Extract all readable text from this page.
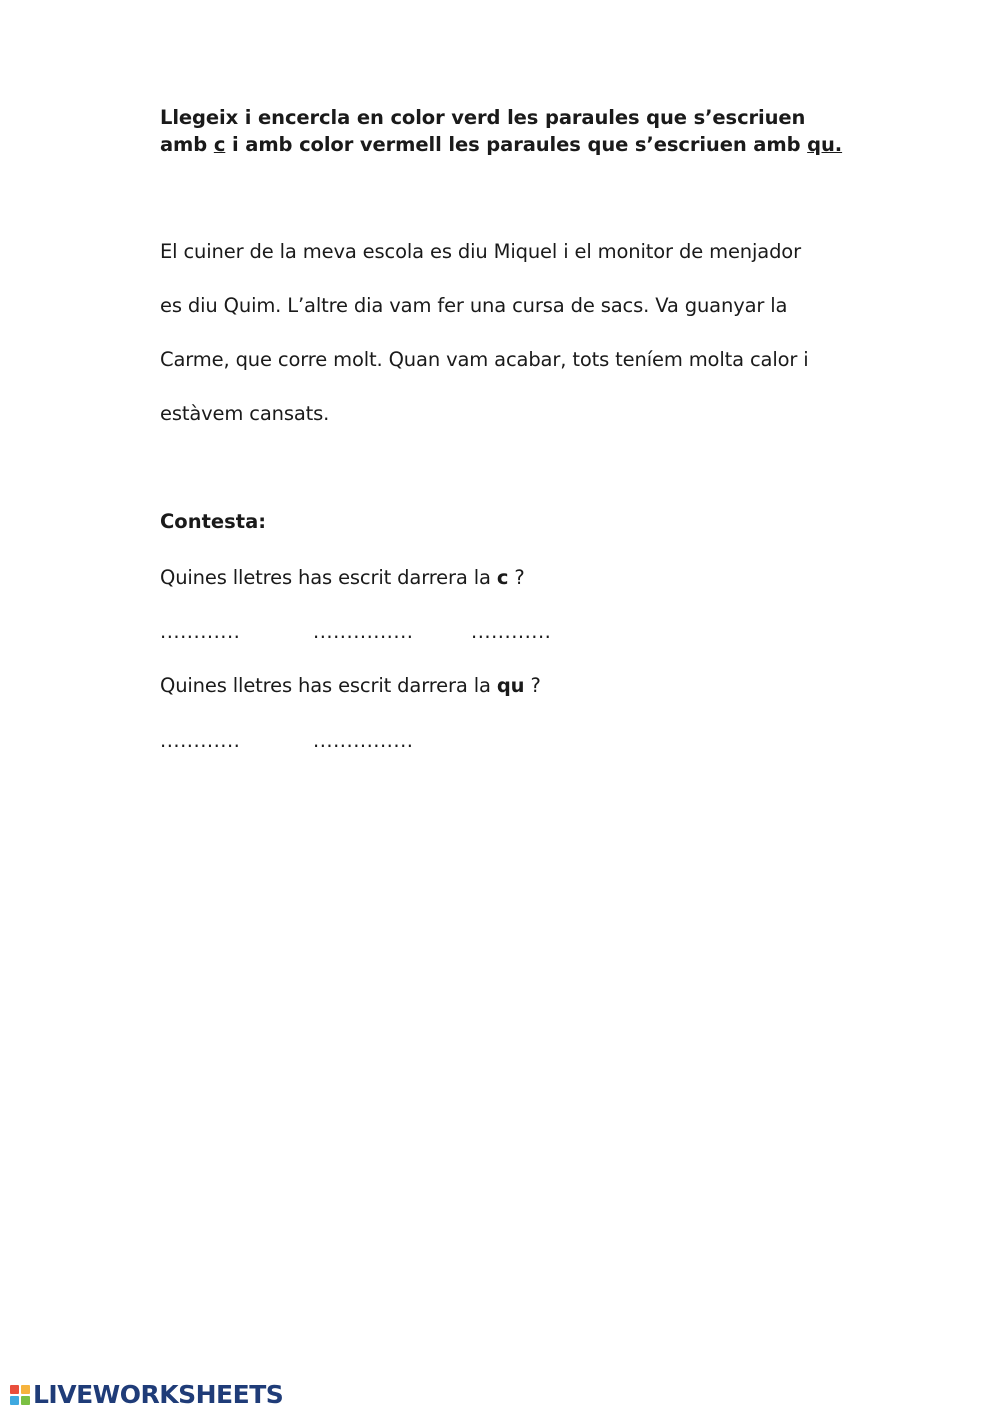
Llegeix i encercla en color verd les paraules que s’escriuen amb c i amb color vermell les paraules que s’escriuen amb qu.
El cuiner de la meva escola es diu Miquel i el monitor de menjador
es diu Quim. L’altre dia vam fer una cursa de sacs. Va guanyar la
Carme, que corre molt. Quan vam acabar, tots teníem molta calor i
estàvem cansats.
Contesta:
Quines lletres has escrit darrera la c ?
............	...............	............
Quines lletres has escrit darrera la qu ?
............	...............
LIVEWORKSHEETS
